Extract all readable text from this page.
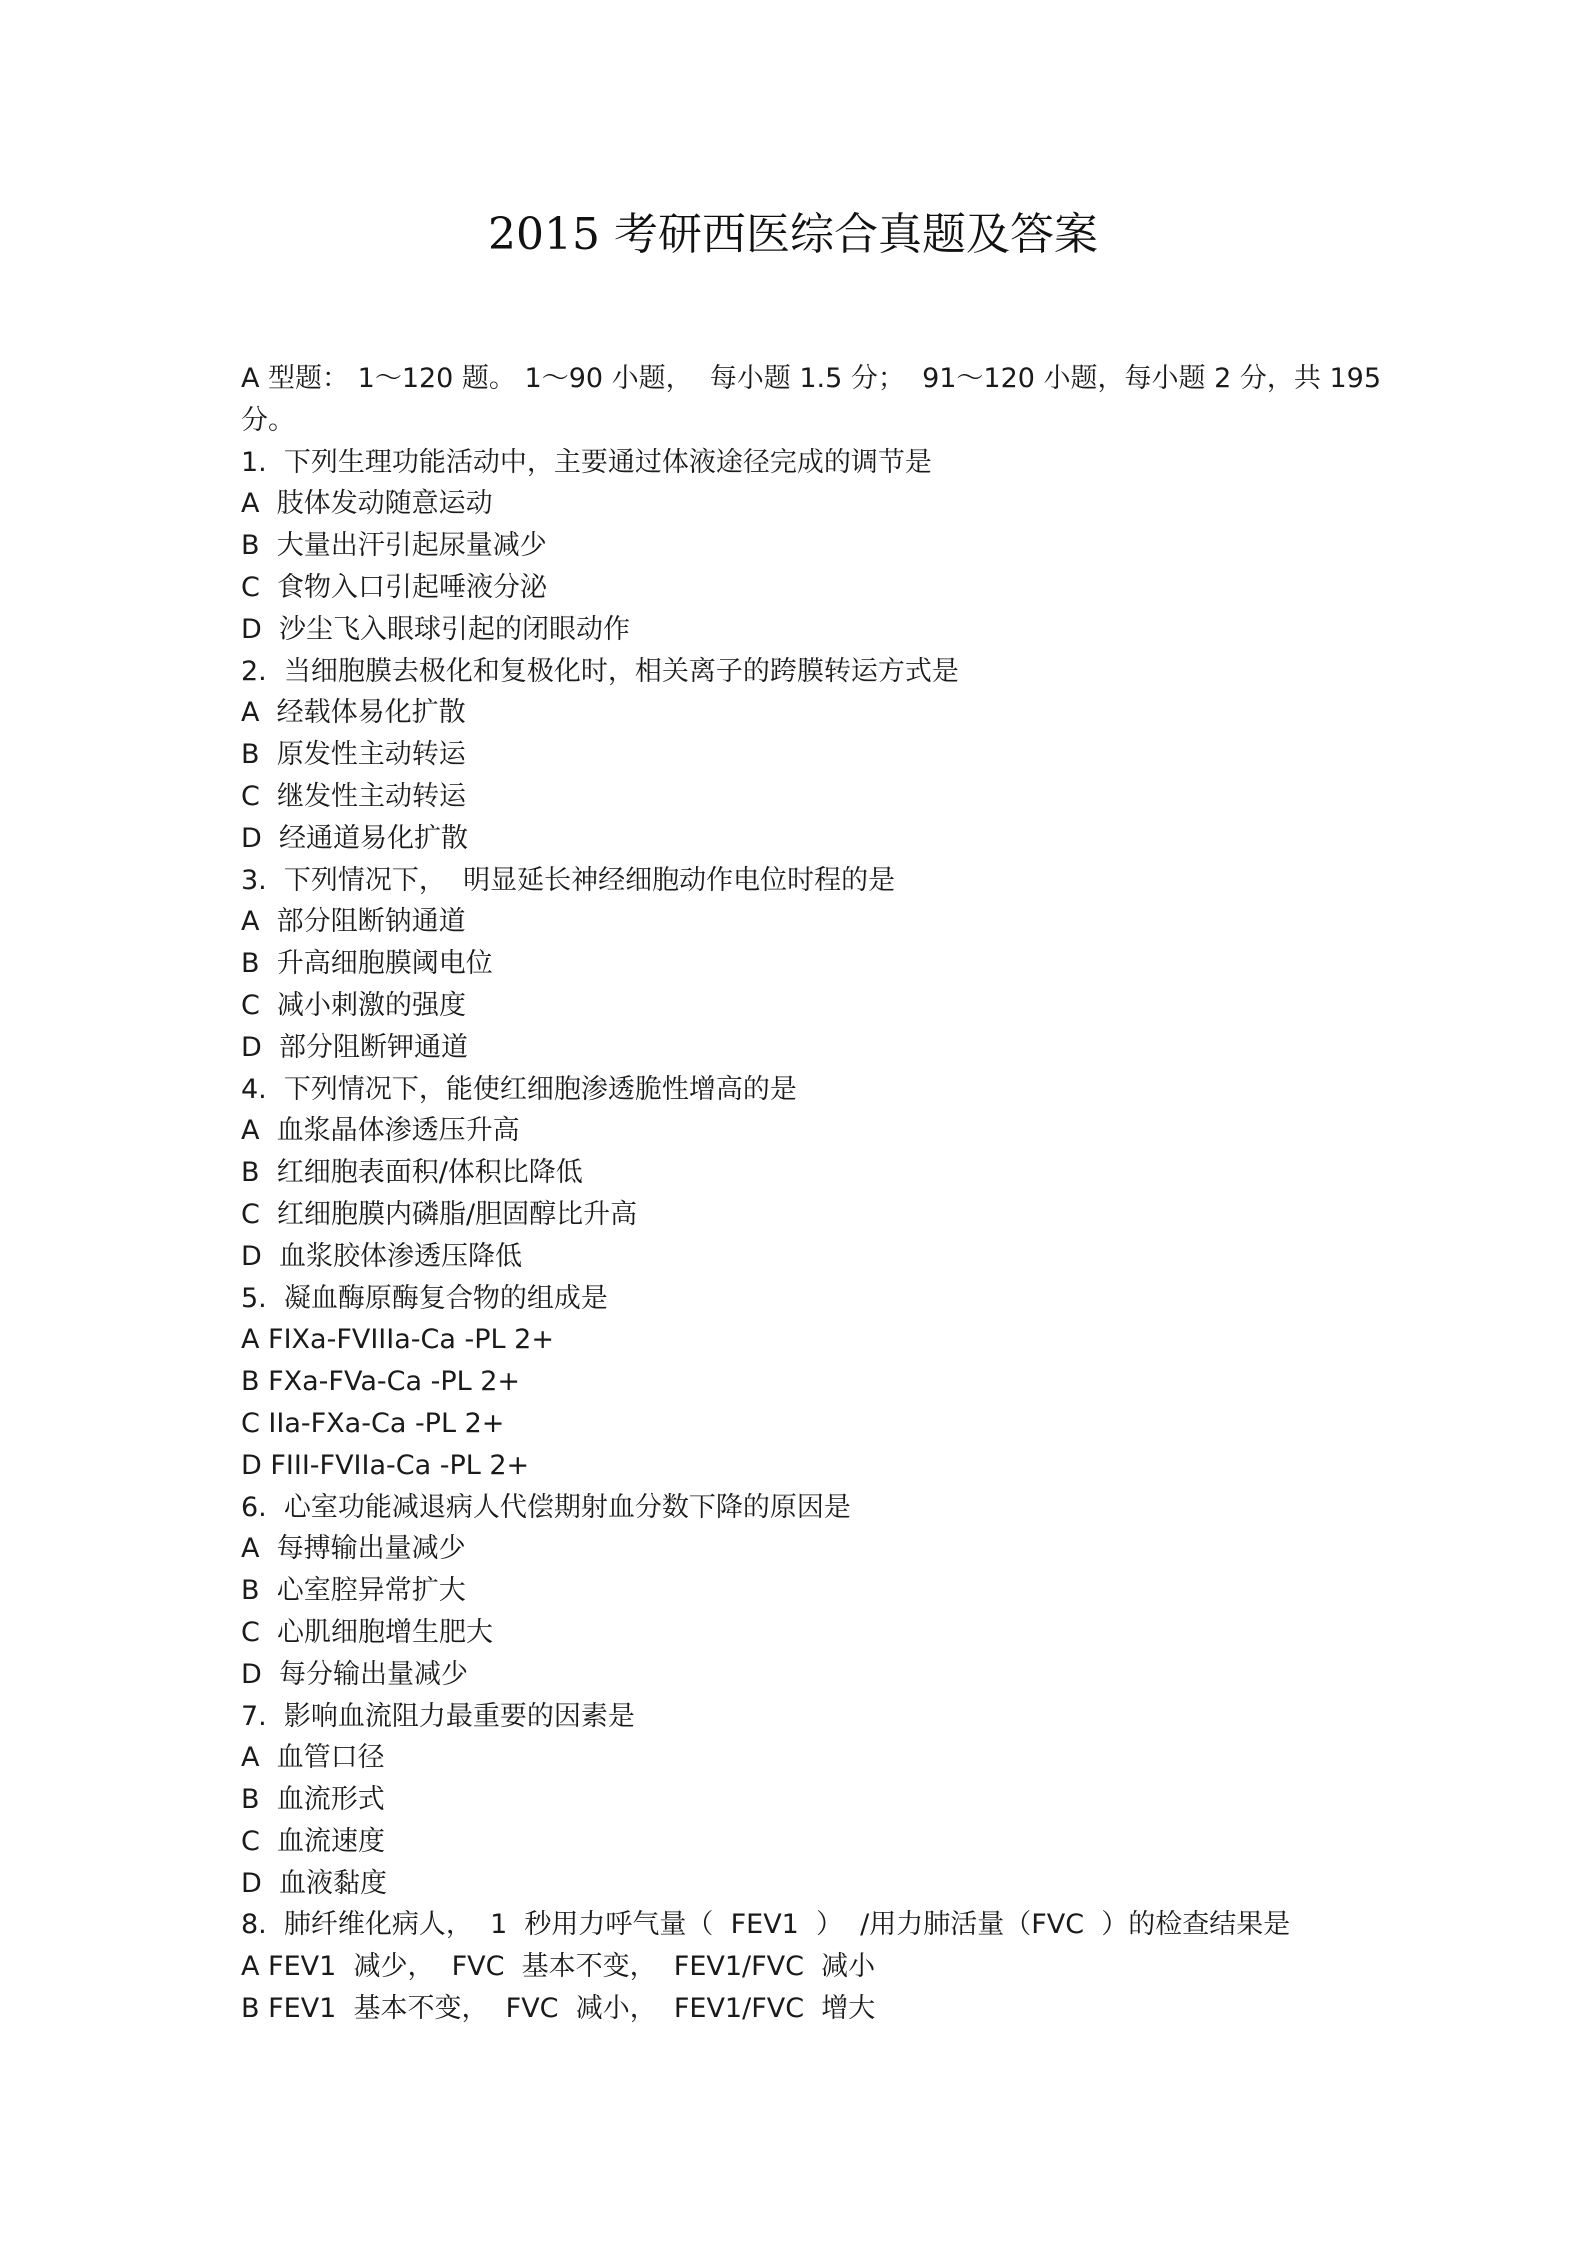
2015 考研西医综合真题及答案
A 型题： 1～120 题。 1～90 小题，  每小题 1.5 分；  91～120 小题，每小题 2 分，共 195
分。
1.  下列生理功能活动中，主要通过体液途径完成的调节是
A  肢体发动随意运动
B  大量出汗引起尿量减少
C  食物入口引起唾液分泌
D  沙尘飞入眼球引起的闭眼动作
2.  当细胞膜去极化和复极化时，相关离子的跨膜转运方式是
A  经载体易化扩散
B  原发性主动转运
C  继发性主动转运
D  经通道易化扩散
3.  下列情况下，  明显延长神经细胞动作电位时程的是
A  部分阻断钠通道
B  升高细胞膜阈电位
C  减小刺激的强度
D  部分阻断钾通道
4.  下列情况下，能使红细胞渗透脆性增高的是
A  血浆晶体渗透压升高
B  红细胞表面积/体积比降低
C  红细胞膜内磷脂/胆固醇比升高
D  血浆胶体渗透压降低
5.  凝血酶原酶复合物的组成是
A FIXa-FVIIIa-Ca -PL 2+
B FXa-FVa-Ca -PL 2+
C IIa-FXa-Ca -PL 2+
D FIII-FVIIa-Ca -PL 2+
6.  心室功能减退病人代偿期射血分数下降的原因是
A  每搏输出量减少
B  心室腔异常扩大
C  心肌细胞增生肥大
D  每分输出量减少
7.  影响血流阻力最重要的因素是
A  血管口径
B  血流形式
C  血流速度
D  血液黏度
8.  肺纤维化病人，  1  秒用力呼气量（  FEV1  ）  /用力肺活量（FVC  ）的检查结果是
A FEV1  减少，  FVC  基本不变，  FEV1/FVC  减小
B FEV1  基本不变，  FVC  减小，  FEV1/FVC  增大
